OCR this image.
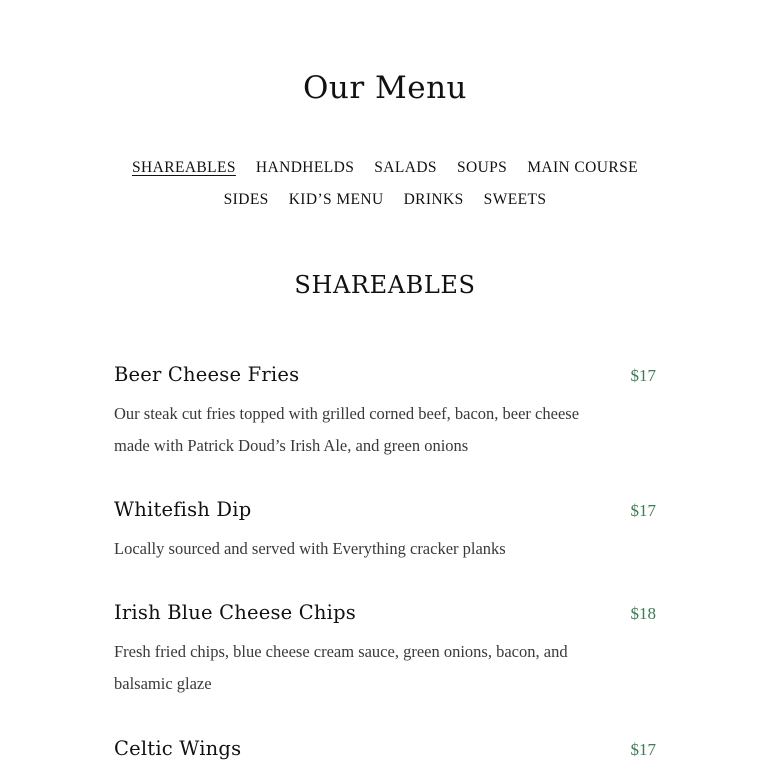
Our Menu
SHAREABLES HANDHELDS SALADS SOUPS MAIN COURSE
SIDES KID’S MENU DRINKS SWEETS
SHAREABLES
Beer Cheese Fries	$17
Our steak cut fries topped with grilled corned beef, bacon, beer cheese made with Patrick Doud’s Irish Ale, and green onions
Whitefish Dip	$17
Locally sourced and served with Everything cracker planks
Irish Blue Cheese Chips	$18
Fresh fried chips, blue cheese cream sauce, green onions, bacon, and balsamic glaze
Celtic Wings	$17
